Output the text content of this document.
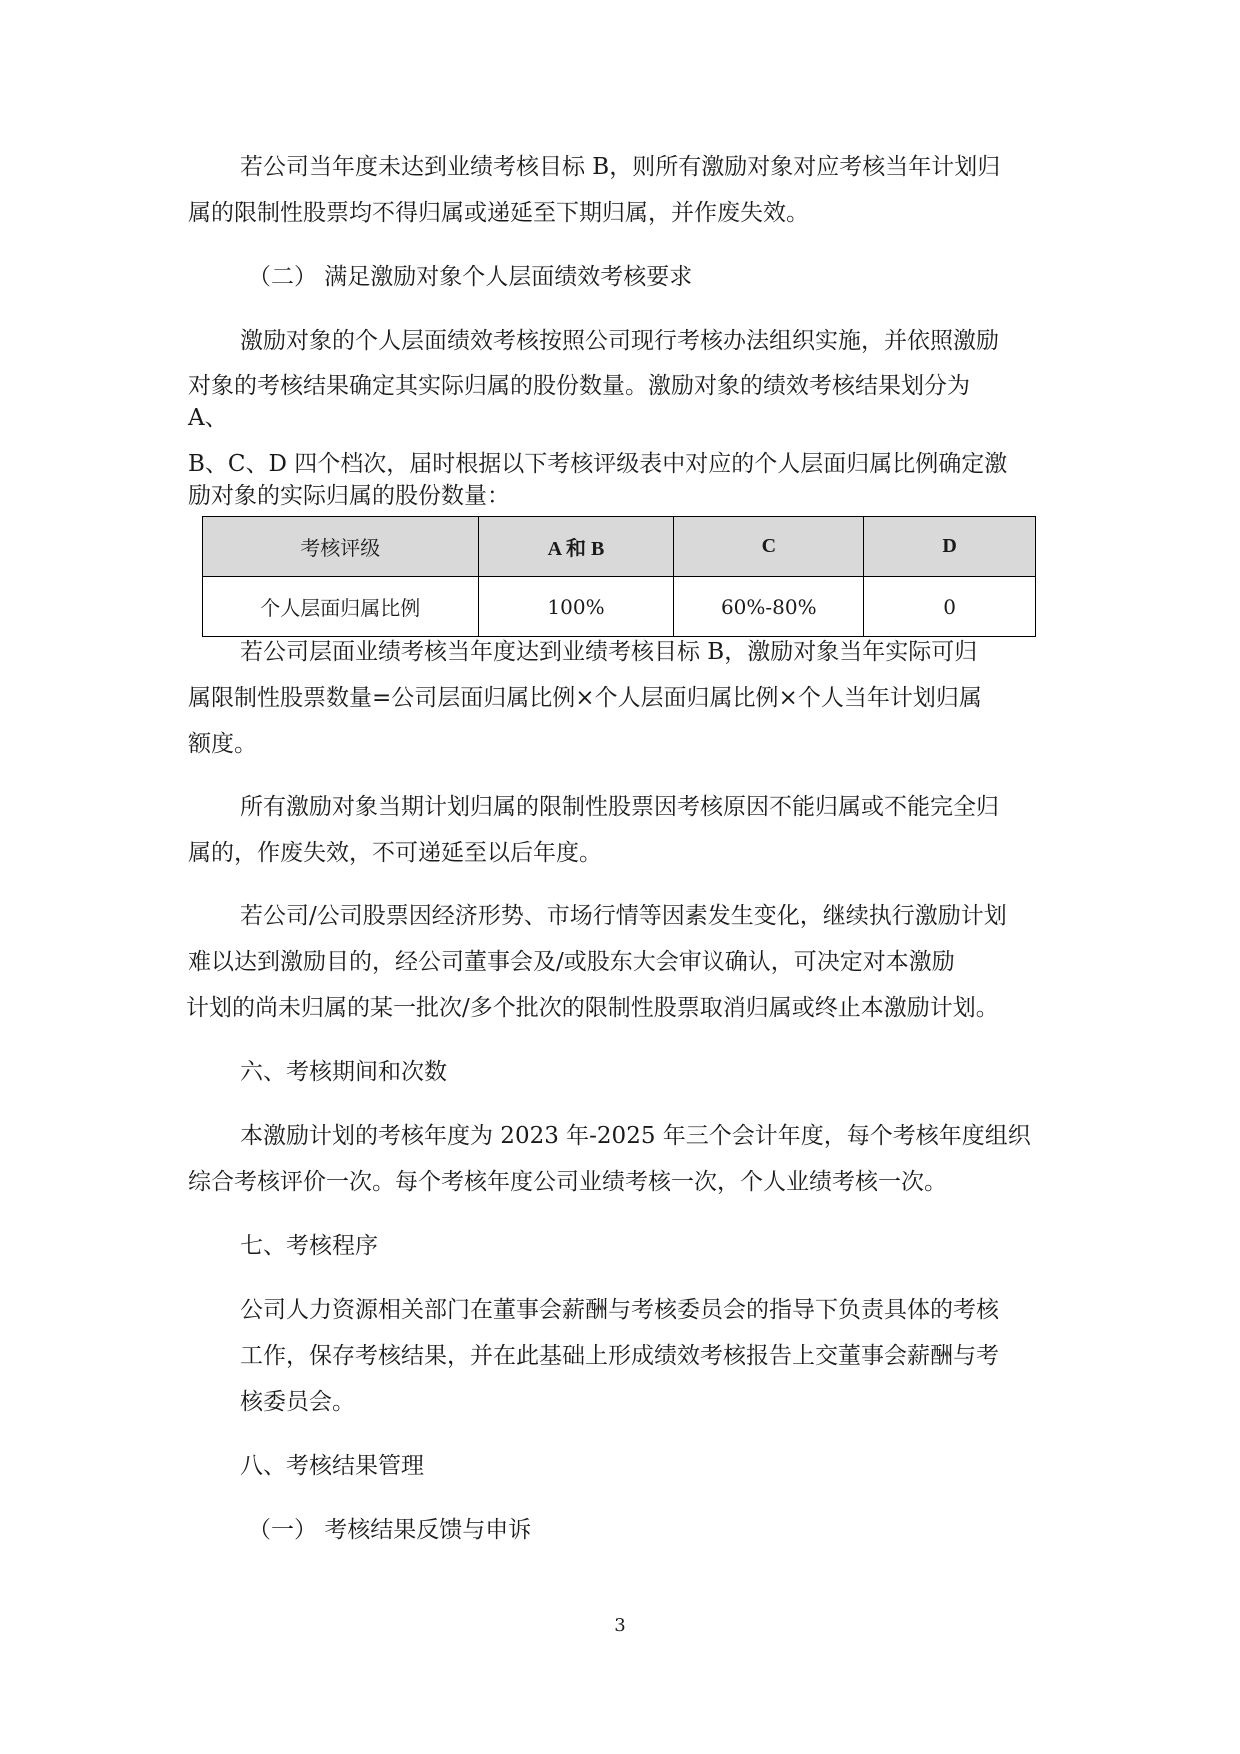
若公司当年度未达到业绩考核目标 B，则所有激励对象对应考核当年计划归
属的限制性股票均不得归属或递延至下期归属，并作废失效。
（二） 满足激励对象个人层面绩效考核要求
激励对象的个人层面绩效考核按照公司现行考核办法组织实施，并依照激励
对象的考核结果确定其实际归属的股份数量。激励对象的绩效考核结果划分为
A、
B、C、D 四个档次，届时根据以下考核评级表中对应的个人层面归属比例确定激
励对象的实际归属的股份数量：
考核评级	A 和 B	C	D
个人层面归属比例	100%	60%-80%	0
若公司层面业绩考核当年度达到业绩考核目标 B，激励对象当年实际可归
属限制性股票数量=公司层面归属比例×个人层面归属比例×个人当年计划归属
额度。
所有激励对象当期计划归属的限制性股票因考核原因不能归属或不能完全归
属的，作废失效，不可递延至以后年度。
若公司/公司股票因经济形势、市场行情等因素发生变化，继续执行激励计划
难以达到激励目的，经公司董事会及/或股东大会审议确认，可决定对本激励
计划的尚未归属的某一批次/多个批次的限制性股票取消归属或终止本激励计划。
六、考核期间和次数
本激励计划的考核年度为 2023 年-2025 年三个会计年度，每个考核年度组织
综合考核评价一次。每个考核年度公司业绩考核一次，个人业绩考核一次。
七、考核程序
公司人力资源相关部门在董事会薪酬与考核委员会的指导下负责具体的考核
工作，保存考核结果，并在此基础上形成绩效考核报告上交董事会薪酬与考
核委员会。
八、考核结果管理
（一） 考核结果反馈与申诉
3
